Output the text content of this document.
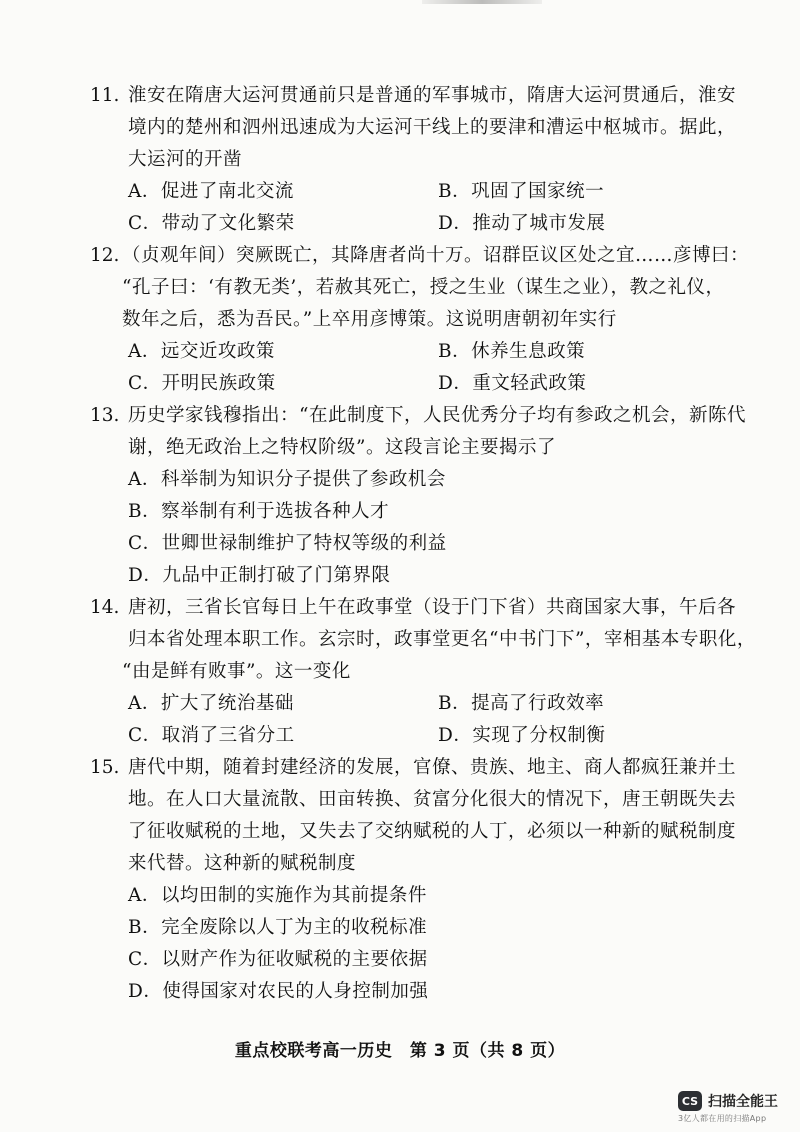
11. 淮安在隋唐大运河贯通前只是普通的军事城市，隋唐大运河贯通后，淮安
境内的楚州和泗州迅速成为大运河干线上的要津和漕运中枢城市。据此，
大运河的开凿
A．促进了南北交流	B．巩固了国家统一
C．带动了文化繁荣	D．推动了城市发展
12. （贞观年间）突厥既亡，其降唐者尚十万。诏群臣议区处之宜……彦博曰：
“孔子曰：‘有教无类’，若赦其死亡，授之生业（谋生之业），教之礼仪，
数年之后，悉为吾民。”上卒用彦博策。这说明唐朝初年实行
A．远交近攻政策	B．休养生息政策
C．开明民族政策	D．重文轻武政策
13. 历史学家钱穆指出：“在此制度下，人民优秀分子均有参政之机会，新陈代
谢，绝无政治上之特权阶级”。这段言论主要揭示了
A．科举制为知识分子提供了参政机会
B．察举制有利于选拔各种人才
C．世卿世禄制维护了特权等级的利益
D．九品中正制打破了门第界限
14. 唐初，三省长官每日上午在政事堂（设于门下省）共商国家大事，午后各
归本省处理本职工作。玄宗时，政事堂更名“中书门下”，宰相基本专职化，
“由是鲜有败事”。这一变化
A．扩大了统治基础	B．提高了行政效率
C．取消了三省分工	D．实现了分权制衡
15. 唐代中期，随着封建经济的发展，官僚、贵族、地主、商人都疯狂兼并土
地。在人口大量流散、田亩转换、贫富分化很大的情况下，唐王朝既失去
了征收赋税的土地，又失去了交纳赋税的人丁，必须以一种新的赋税制度
来代替。这种新的赋税制度
A．以均田制的实施作为其前提条件
B．完全废除以人丁为主的收税标准
C．以财产作为征收赋税的主要依据
D．使得国家对农民的人身控制加强
重点校联考高一历史　第 3 页（共 8 页）
CS 扫描全能王
3亿人都在用的扫描App
